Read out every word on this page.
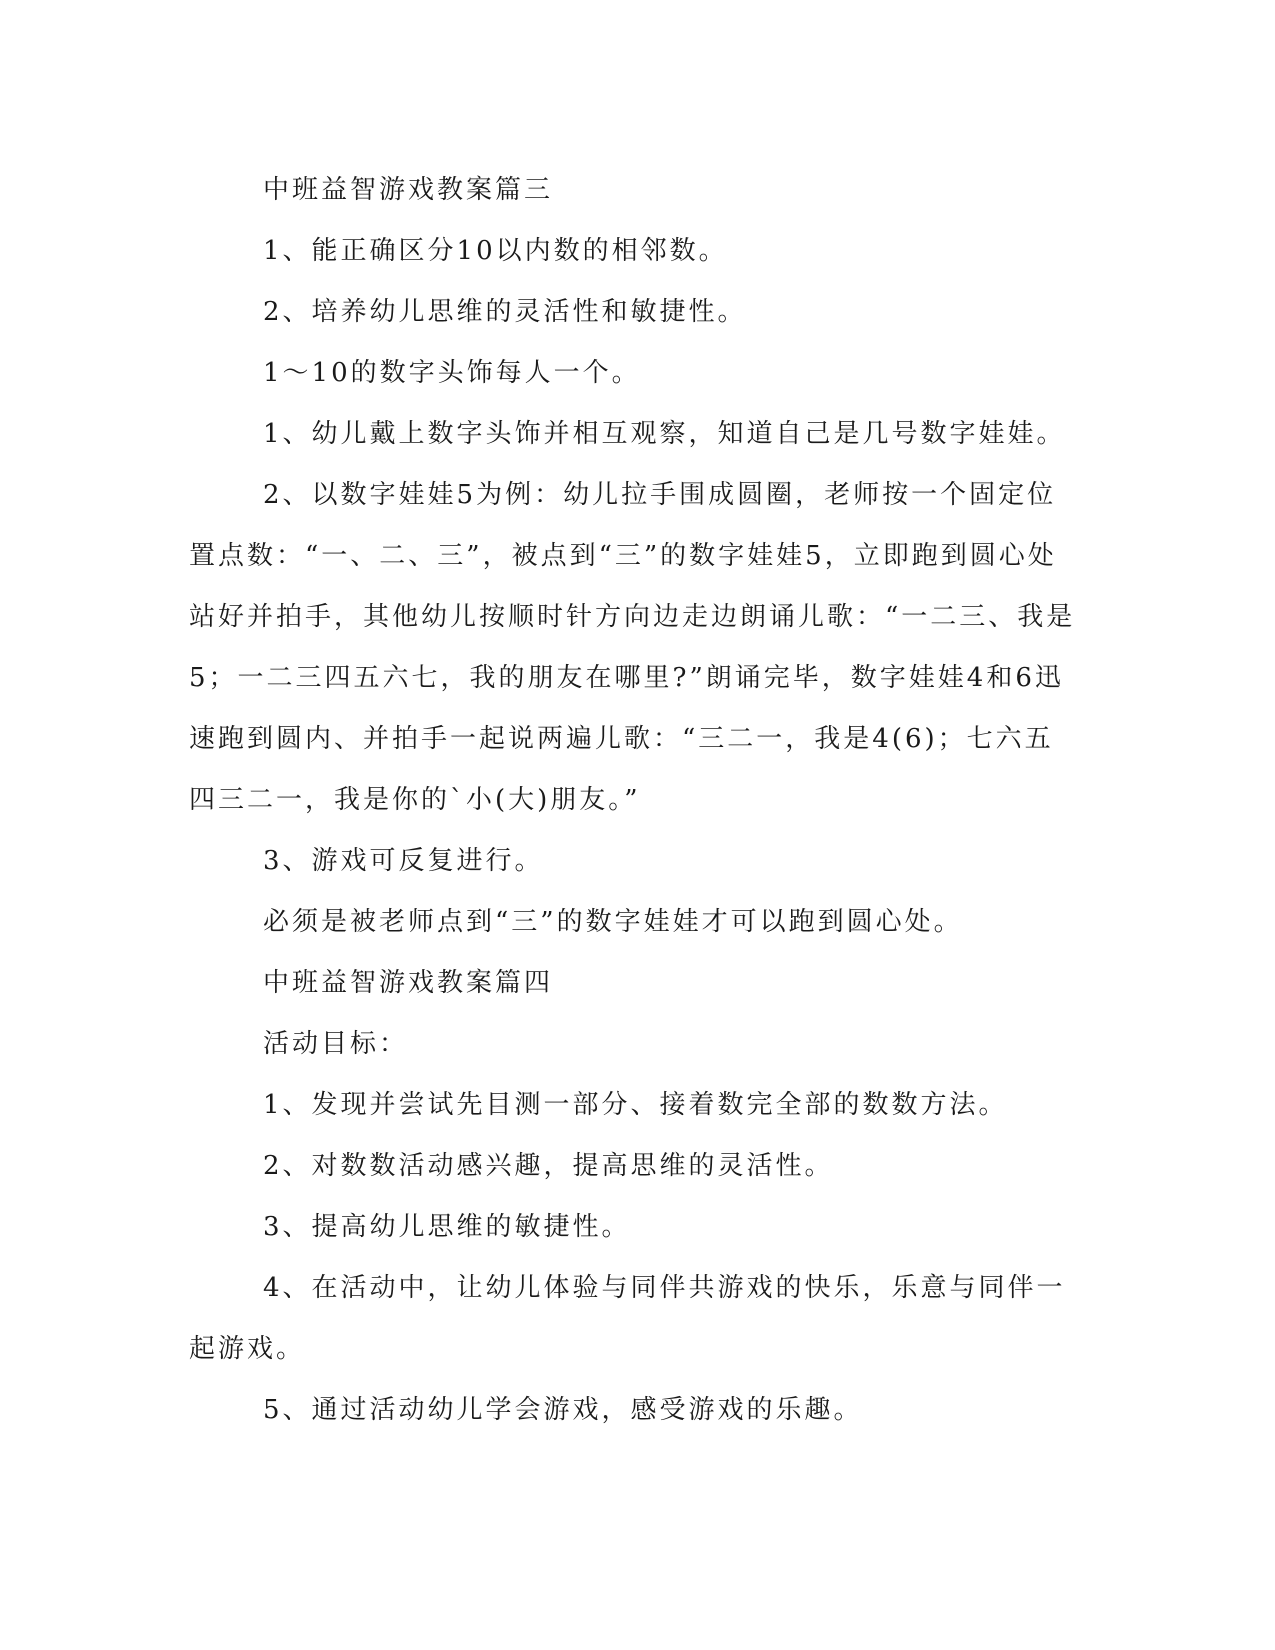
中班益智游戏教案篇三

1、能正确区分10以内数的相邻数。

2、培养幼儿思维的灵活性和敏捷性。

1～10的数字头饰每人一个。

1、幼儿戴上数字头饰并相互观察，知道自己是几号数字娃娃。

2、以数字娃娃5为例：幼儿拉手围成圆圈，老师按一个固定位置点数：“一、二、三”，被点到“三”的数字娃娃5，立即跑到圆心处站好并拍手，其他幼儿按顺时针方向边走边朗诵儿歌：“一二三、我是5；一二三四五六七，我的朋友在哪里?”朗诵完毕，数字娃娃4和6迅速跑到圆内、并拍手一起说两遍儿歌：“三二一，我是4(6)；七六五四三二一，我是你的`小(大)朋友。”

3、游戏可反复进行。

必须是被老师点到“三”的数字娃娃才可以跑到圆心处。

中班益智游戏教案篇四

活动目标：

1、发现并尝试先目测一部分、接着数完全部的数数方法。

2、对数数活动感兴趣，提高思维的灵活性。

3、提高幼儿思维的敏捷性。

4、在活动中，让幼儿体验与同伴共游戏的快乐，乐意与同伴一起游戏。

5、通过活动幼儿学会游戏，感受游戏的乐趣。
